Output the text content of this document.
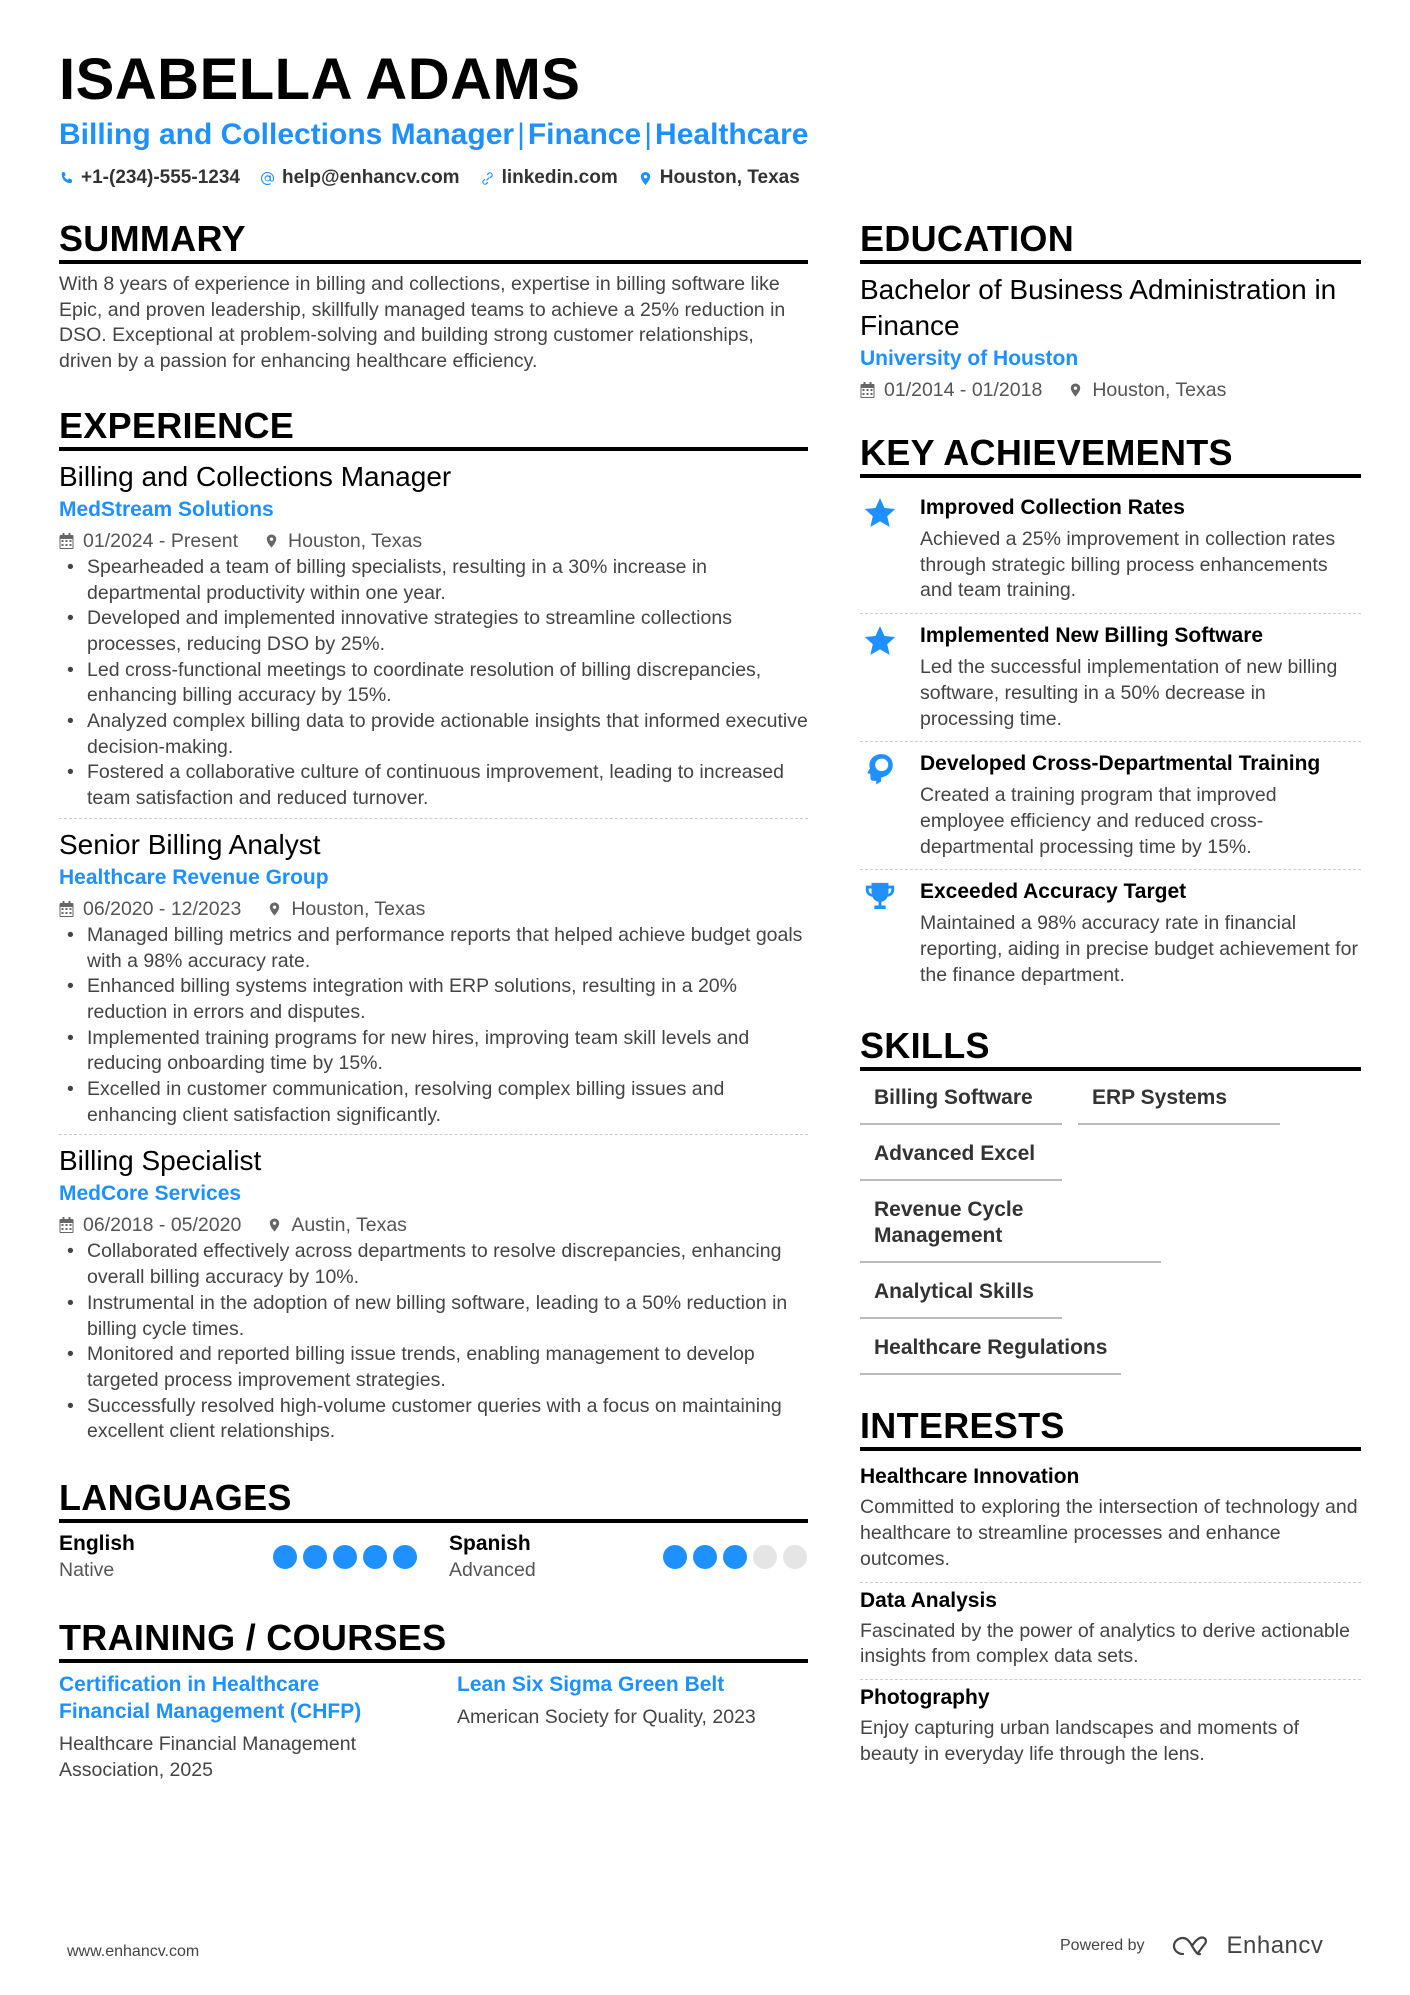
ISABELLA ADAMS
Billing and Collections Manager | Finance | Healthcare
+1-(234)-555-1234 help@enhancv.com linkedin.com Houston, Texas
SUMMARY

With 8 years of experience in billing and collections, expertise in billing software like Epic, and proven leadership, skillfully managed teams to achieve a 25% reduction in DSO. Exceptional at problem-solving and building strong customer relationships, driven by a passion for enhancing healthcare efficiency.

EXPERIENCE
Billing and Collections Manager
MedStream Solutions
01/2024 - Present	Houston, Texas
• Spearheaded a team of billing specialists, resulting in a 30% increase in departmental productivity within one year.
• Developed and implemented innovative strategies to streamline collections processes, reducing DSO by 25%.
• Led cross-functional meetings to coordinate resolution of billing discrepancies, enhancing billing accuracy by 15%.
• Analyzed complex billing data to provide actionable insights that informed executive decision-making.
• Fostered a collaborative culture of continuous improvement, leading to increased team satisfaction and reduced turnover.
Senior Billing Analyst
Healthcare Revenue Group
06/2020 - 12/2023	Houston, Texas
• Managed billing metrics and performance reports that helped achieve budget goals with a 98% accuracy rate.
• Enhanced billing systems integration with ERP solutions, resulting in a 20% reduction in errors and disputes.
• Implemented training programs for new hires, improving team skill levels and reducing onboarding time by 15%.
• Excelled in customer communication, resolving complex billing issues and enhancing client satisfaction significantly.
Billing Specialist
MedCore Services
06/2018 - 05/2020	Austin, Texas
• Collaborated effectively across departments to resolve discrepancies, enhancing overall billing accuracy by 10%.
• Instrumental in the adoption of new billing software, leading to a 50% reduction in billing cycle times.
• Monitored and reported billing issue trends, enabling management to develop targeted process improvement strategies.
• Successfully resolved high-volume customer queries with a focus on maintaining excellent client relationships.
LANGUAGES
English
Native
Spanish
Advanced
TRAINING / COURSES
Certification in Healthcare Financial Management (CHFP)
Healthcare Financial Management Association, 2025
Lean Six Sigma Green Belt
American Society for Quality, 2023
EDUCATION
Bachelor of Business Administration in Finance
University of Houston
01/2014 - 01/2018	Houston, Texas
KEY ACHIEVEMENTS
Improved Collection Rates
Achieved a 25% improvement in collection rates through strategic billing process enhancements and team training.
Implemented New Billing Software
Led the successful implementation of new billing software, resulting in a 50% decrease in processing time.
Developed Cross-Departmental Training
Created a training program that improved employee efficiency and reduced cross-departmental processing time by 15%.
Exceeded Accuracy Target
Maintained a 98% accuracy rate in financial reporting, aiding in precise budget achievement for the finance department.
SKILLS
Billing Software	ERP Systems
Advanced Excel
Revenue Cycle Management
Analytical Skills
Healthcare Regulations
INTERESTS
Healthcare Innovation
Committed to exploring the intersection of technology and healthcare to streamline processes and enhance outcomes.
Data Analysis
Fascinated by the power of analytics to derive actionable insights from complex data sets.
Photography
Enjoy capturing urban landscapes and moments of beauty in everyday life through the lens.
www.enhancv.com	Powered by	Enhancv
